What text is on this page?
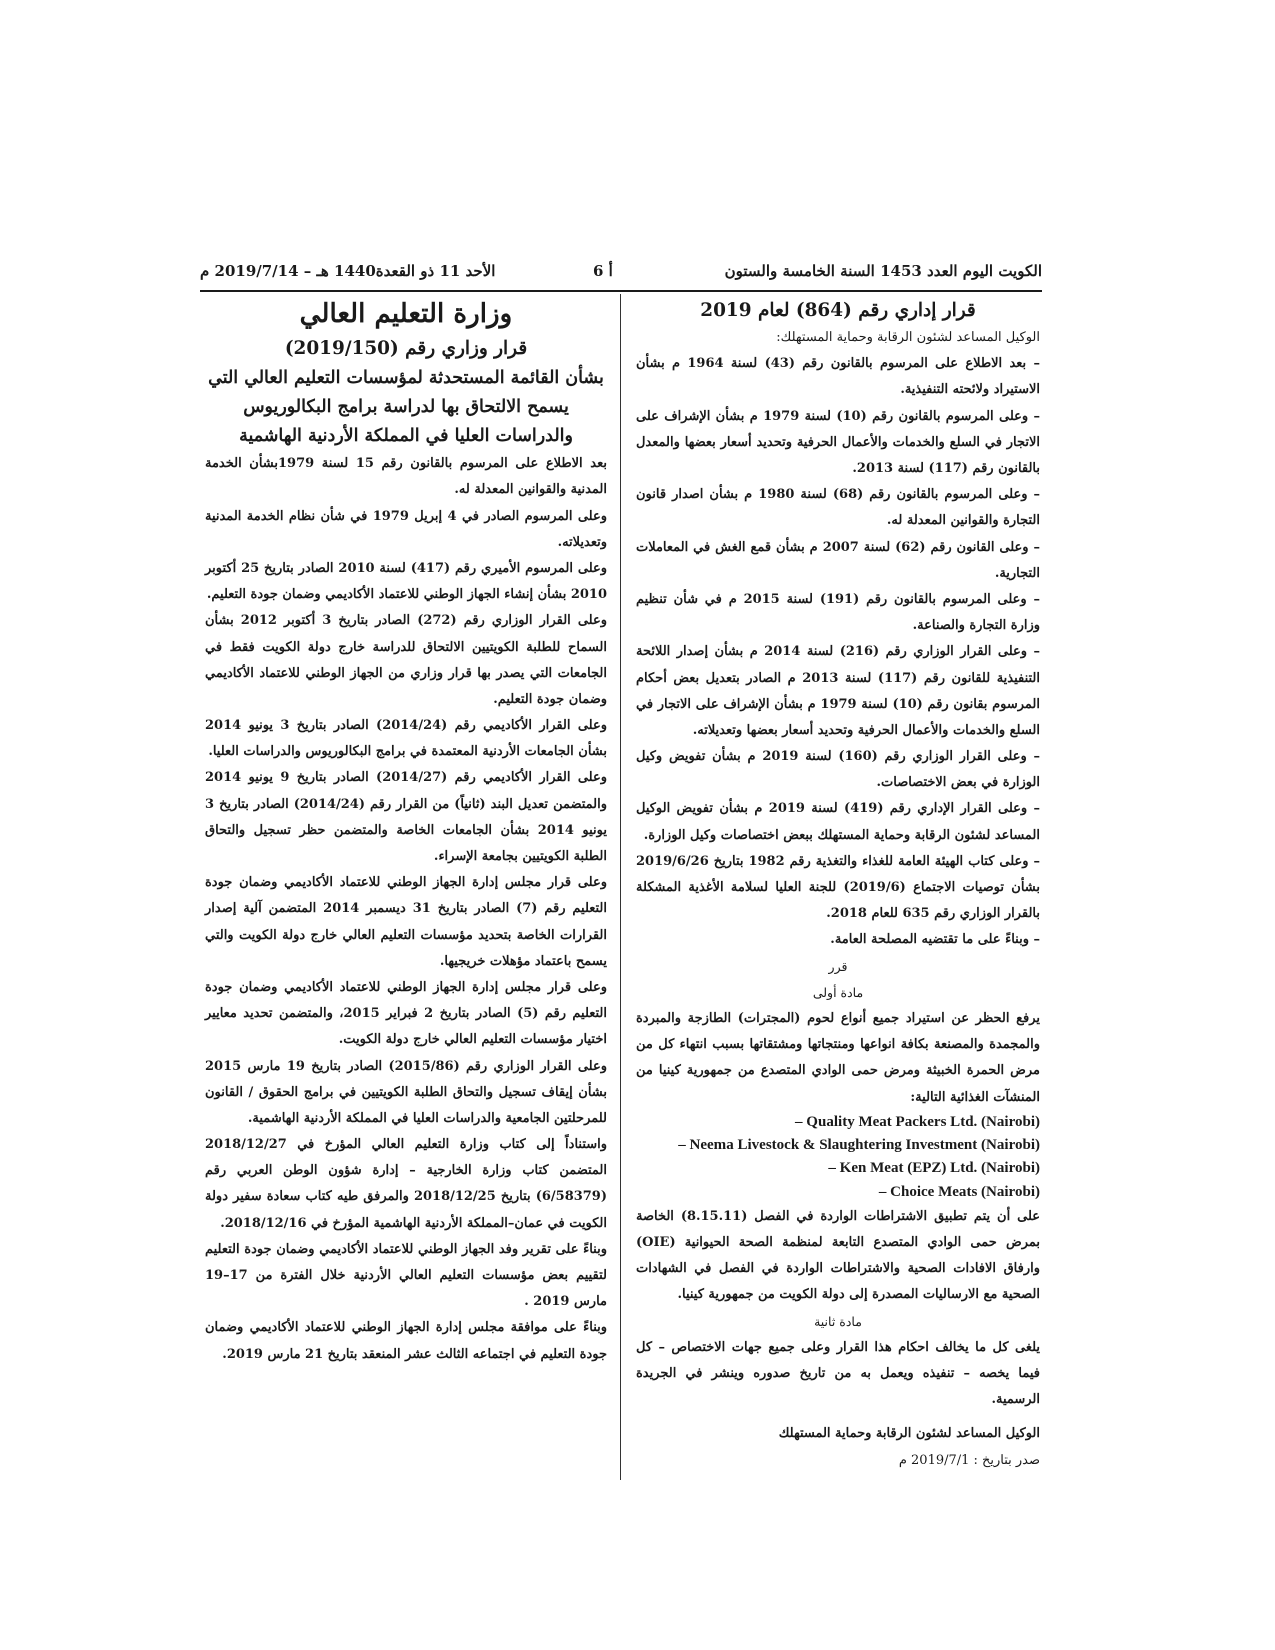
الكويت اليوم العدد 1453 السنة الخامسة والستون
أ 6
الأحد 11 ذو القعدة1440 هـ – 2019/7/14 م

قرار إداري رقم (864) لعام 2019

الوكيل المساعد لشئون الرقابة وحماية المستهلك:

– بعد الاطلاع على المرسوم بالقانون رقم (43) لسنة 1964 م بشأن الاستيراد ولائحته التنفيذية.

– وعلى المرسوم بالقانون رقم (10) لسنة 1979 م بشأن الإشراف على الاتجار في السلع والخدمات والأعمال الحرفية وتحديد أسعار بعضها والمعدل بالقانون رقم (117) لسنة 2013.

– وعلى المرسوم بالقانون رقم (68) لسنة 1980 م بشأن اصدار قانون التجارة والقوانين المعدلة له.

– وعلى القانون رقم (62) لسنة 2007 م بشأن قمع الغش في المعاملات التجارية.

– وعلى المرسوم بالقانون رقم (191) لسنة 2015 م في شأن تنظيم وزارة التجارة والصناعة.

– وعلى القرار الوزاري رقم (216) لسنة 2014 م بشأن إصدار اللائحة التنفيذية للقانون رقم (117) لسنة 2013 م الصادر بتعديل بعض أحكام المرسوم بقانون رقم (10) لسنة 1979 م بشأن الإشراف على الاتجار في السلع والخدمات والأعمال الحرفية وتحديد أسعار بعضها وتعديلاته.

– وعلى القرار الوزاري رقم (160) لسنة 2019 م بشأن تفويض وكيل الوزارة في بعض الاختصاصات.

– وعلى القرار الإداري رقم (419) لسنة 2019 م بشأن تفويض الوكيل المساعد لشئون الرقابة وحماية المستهلك ببعض اختصاصات وكيل الوزارة.

– وعلى كتاب الهيئة العامة للغذاء والتغذية رقم 1982 بتاريخ 2019/6/26 بشأن توصيات الاجتماع (2019/6) للجنة العليا لسلامة الأغذية المشكلة بالقرار الوزاري رقم 635 للعام 2018.

– وبناءً على ما تقتضيه المصلحة العامة.

قرر

مادة أولى

يرفع الحظر عن استيراد جميع أنواع لحوم (المجترات) الطازجة والمبردة والمجمدة والمصنعة بكافة انواعها ومنتجاتها ومشتقاتها بسبب انتهاء كل من مرض الحمرة الخبيثة ومرض حمى الوادي المتصدع من جمهورية كينيا من المنشآت الغذائية التالية:

– Quality Meat Packers Ltd. (Nairobi)

– Neema Livestock & Slaughtering Investment (Nairobi)

– Ken Meat (EPZ) Ltd. (Nairobi)

– Choice Meats (Nairobi)

على أن يتم تطبيق الاشتراطات الواردة في الفصل (8.15.11) الخاصة بمرض حمى الوادي المتصدع التابعة لمنظمة الصحة الحيوانية (OIE) وارفاق الافادات الصحية والاشتراطات الواردة في الفصل في الشهادات الصحية مع الارساليات المصدرة إلى دولة الكويت من جمهورية كينيا.

مادة ثانية

يلغى كل ما يخالف احكام هذا القرار وعلى جميع جهات الاختصاص – كل فيما يخصه – تنفيذه ويعمل به من تاريخ صدوره وينشر في الجريدة الرسمية.

الوكيل المساعد لشئون الرقابة وحماية المستهلك

صدر بتاريخ : 2019/7/1 م

وزارة التعليم العالي

قرار وزاري رقم (2019/150)

بشأن القائمة المستحدثة لمؤسسات التعليم العالي التي

يسمح الالتحاق بها لدراسة برامج البكالوريوس

والدراسات العليا في المملكة الأردنية الهاشمية

بعد الاطلاع على المرسوم بالقانون رقم 15 لسنة 1979بشأن الخدمة المدنية والقوانين المعدلة له.

وعلى المرسوم الصادر في 4 إبريل 1979 في شأن نظام الخدمة المدنية وتعديلاته.

وعلى المرسوم الأميري رقم (417) لسنة 2010 الصادر بتاريخ 25 أكتوبر 2010 بشأن إنشاء الجهاز الوطني للاعتماد الأكاديمي وضمان جودة التعليم.

وعلى القرار الوزاري رقم (272) الصادر بتاريخ 3 أكتوبر 2012 بشأن السماح للطلبة الكويتيين الالتحاق للدراسة خارج دولة الكويت فقط في الجامعات التي يصدر بها قرار وزاري من الجهاز الوطني للاعتماد الأكاديمي وضمان جودة التعليم.

وعلى القرار الأكاديمي رقم (2014/24) الصادر بتاريخ 3 يونيو 2014 بشأن الجامعات الأردنية المعتمدة في برامج البكالوريوس والدراسات العليا.

وعلى القرار الأكاديمي رقم (2014/27) الصادر بتاريخ 9 يونيو 2014 والمتضمن تعديل البند (ثانياً) من القرار رقم (2014/24) الصادر بتاريخ 3 يونيو 2014 بشأن الجامعات الخاصة والمتضمن حظر تسجيل والتحاق الطلبة الكويتيين بجامعة الإسراء.

وعلى قرار مجلس إدارة الجهاز الوطني للاعتماد الأكاديمي وضمان جودة التعليم رقم (7) الصادر بتاريخ 31 ديسمبر 2014 المتضمن آلية إصدار القرارات الخاصة بتحديد مؤسسات التعليم العالي خارج دولة الكويت والتي يسمح باعتماد مؤهلات خريجيها.

وعلى قرار مجلس إدارة الجهاز الوطني للاعتماد الأكاديمي وضمان جودة التعليم رقم (5) الصادر بتاريخ 2 فبراير 2015، والمتضمن تحديد معايير اختيار مؤسسات التعليم العالي خارج دولة الكويت.

وعلى القرار الوزاري رقم (2015/86) الصادر بتاريخ 19 مارس 2015 بشأن إيقاف تسجيل والتحاق الطلبة الكويتيين في برامج الحقوق / القانون للمرحلتين الجامعية والدراسات العليا في المملكة الأردنية الهاشمية.

واستناداً إلى كتاب وزارة التعليم العالي المؤرخ في 2018/12/27 المتضمن كتاب وزارة الخارجية – إدارة شؤون الوطن العربي رقم (6/58379) بتاريخ 2018/12/25 والمرفق طيه كتاب سعادة سفير دولة الكويت في عمان–المملكة الأردنية الهاشمية المؤرخ في 2018/12/16.

وبناءً على تقرير وفد الجهاز الوطني للاعتماد الأكاديمي وضمان جودة التعليم لتقييم بعض مؤسسات التعليم العالي الأردنية خلال الفترة من 17–19 مارس 2019 .

وبناءً على موافقة مجلس إدارة الجهاز الوطني للاعتماد الأكاديمي وضمان جودة التعليم في اجتماعه الثالث عشر المنعقد بتاريخ 21 مارس 2019.
